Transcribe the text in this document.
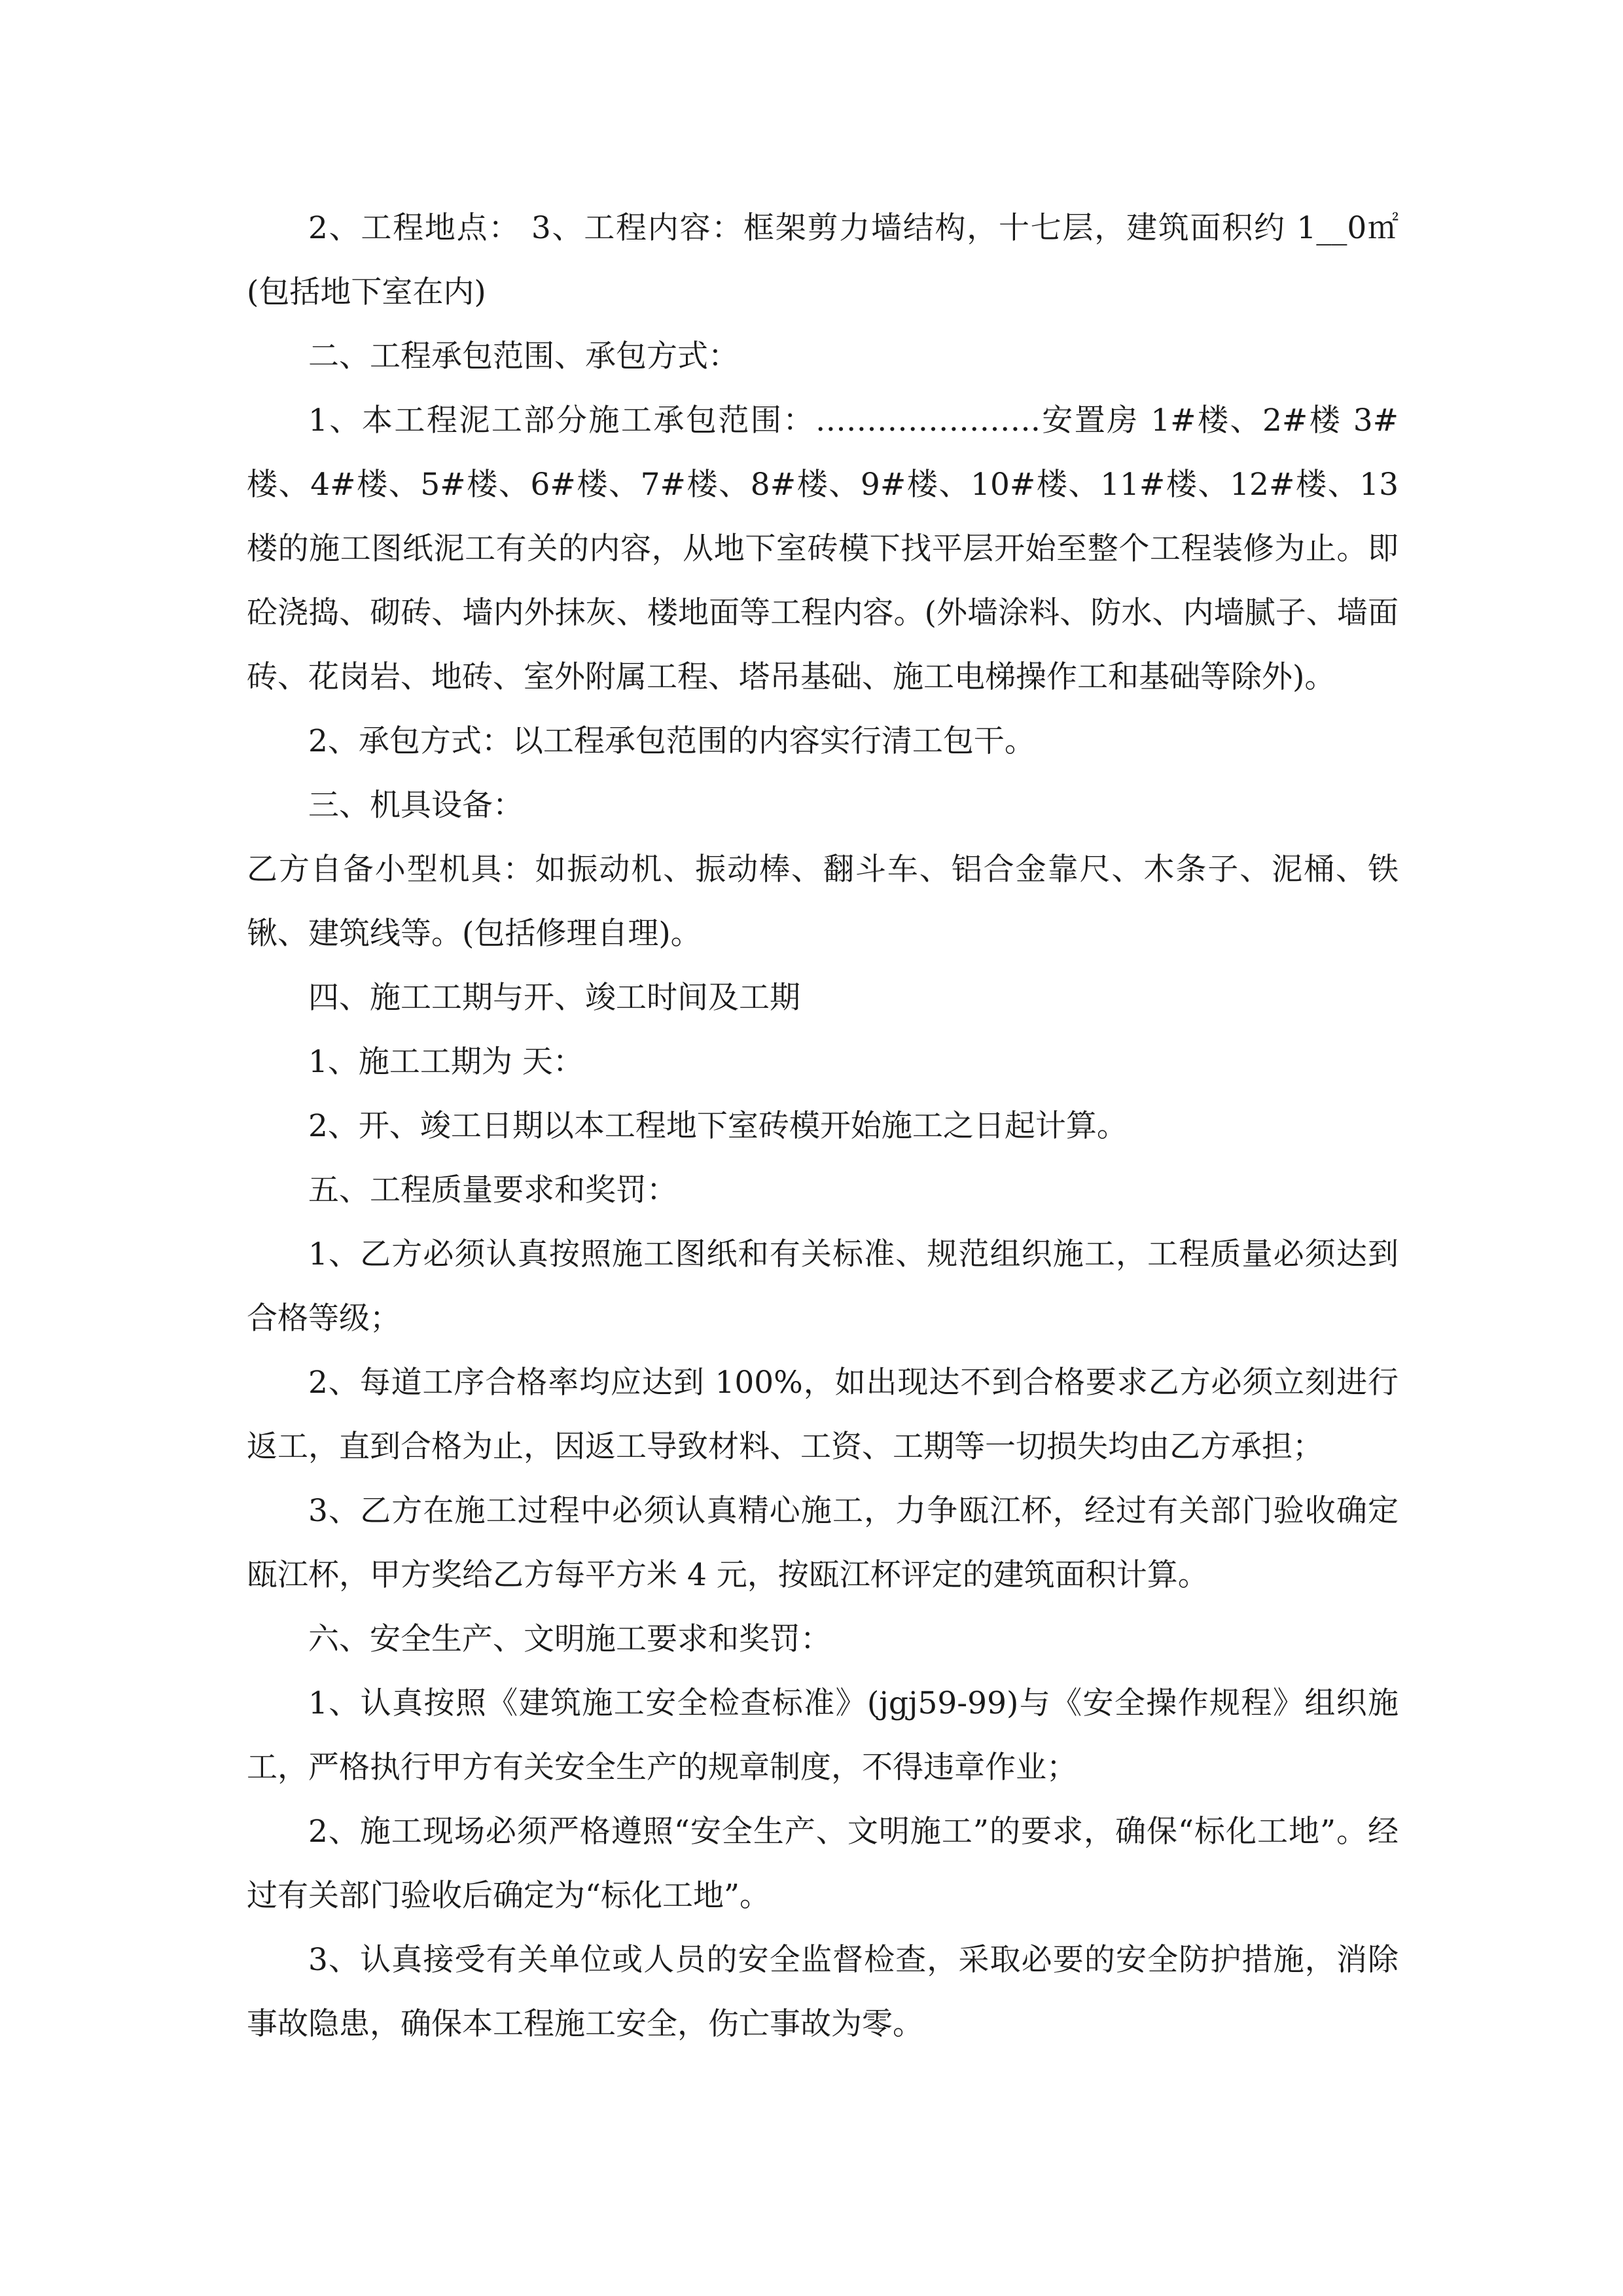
2、工程地点： 3、工程内容：框架剪力墙结构，十七层，建筑面积约 1__0㎡(包括地下室在内)

二、工程承包范围、承包方式：

1、本工程泥工部分施工承包范围：………………….安置房 1#楼、2#楼 3#楼、4#楼、5#楼、6#楼、7#楼、8#楼、9#楼、10#楼、11#楼、12#楼、13 楼的施工图纸泥工有关的内容，从地下室砖模下找平层开始至整个工程装修为止。即砼浇捣、砌砖、墙内外抹灰、楼地面等工程内容。(外墙涂料、防水、内墙腻子、墙面砖、花岗岩、地砖、室外附属工程、塔吊基础、施工电梯操作工和基础等除外)。

2、承包方式：以工程承包范围的内容实行清工包干。

三、机具设备：

乙方自备小型机具：如振动机、振动棒、翻斗车、铝合金靠尺、木条子、泥桶、铁锹、建筑线等。(包括修理自理)。

四、施工工期与开、竣工时间及工期

1、施工工期为 天：

2、开、竣工日期以本工程地下室砖模开始施工之日起计算。

五、工程质量要求和奖罚：

1、乙方必须认真按照施工图纸和有关标准、规范组织施工，工程质量必须达到合格等级；

2、每道工序合格率均应达到 100%，如出现达不到合格要求乙方必须立刻进行返工，直到合格为止，因返工导致材料、工资、工期等一切损失均由乙方承担；

3、乙方在施工过程中必须认真精心施工，力争瓯江杯，经过有关部门验收确定瓯江杯，甲方奖给乙方每平方米 4 元，按瓯江杯评定的建筑面积计算。

六、安全生产、文明施工要求和奖罚：

1、认真按照《建筑施工安全检查标准》(jgj59-99)与《安全操作规程》组织施工，严格执行甲方有关安全生产的规章制度，不得违章作业；

2、施工现场必须严格遵照“安全生产、文明施工”的要求，确保“标化工地”。经过有关部门验收后确定为“标化工地”。

3、认真接受有关单位或人员的安全监督检查，采取必要的安全防护措施，消除事故隐患，确保本工程施工安全，伤亡事故为零。
